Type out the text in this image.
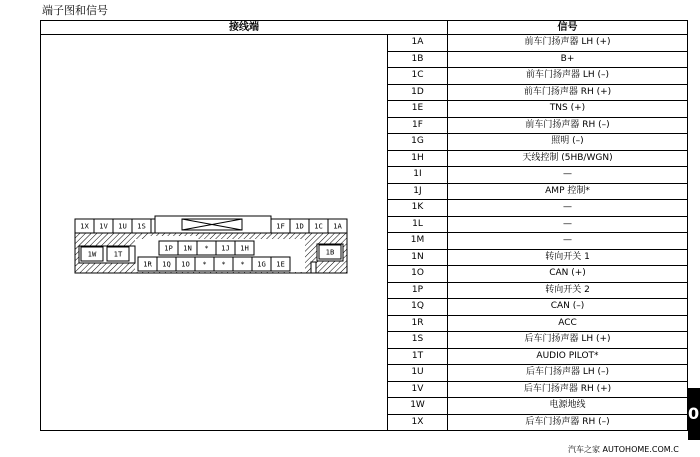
端子图和信号
接线端		信号
	1A	前车门扬声器 LH (+)
	1B	B+
	1C	前车门扬声器 LH (–)
	1D	前车门扬声器 RH (+)
	1E	TNS (+)
	1F	前车门扬声器 RH (–)
	1G	照明 (–)
	1H	天线控制 (5HB/WGN)
	1I	—
	1J	AMP 控制*
	1K	—
	1L	—
	1M	—
	1N	转向开关 1
	1O	CAN (+)
	1P	转向开关 2
	1Q	CAN (–)
	1R	ACC
	1S	后车门扬声器 LH (+)
	1T	AUDIO PILOT*
	1U	后车门扬声器 LH (–)
	1V	后车门扬声器 RH (+)
	1W	电源地线
	1X	后车门扬声器 RH (–)
1X 1V 1U 1S	1F 1D 1C 1A
1P 1N * 1J 1H
1R 1Q 1O * * * 1G 1E
1W 1T	1B
0
汽车之家 AUTOHOME.COM.C
